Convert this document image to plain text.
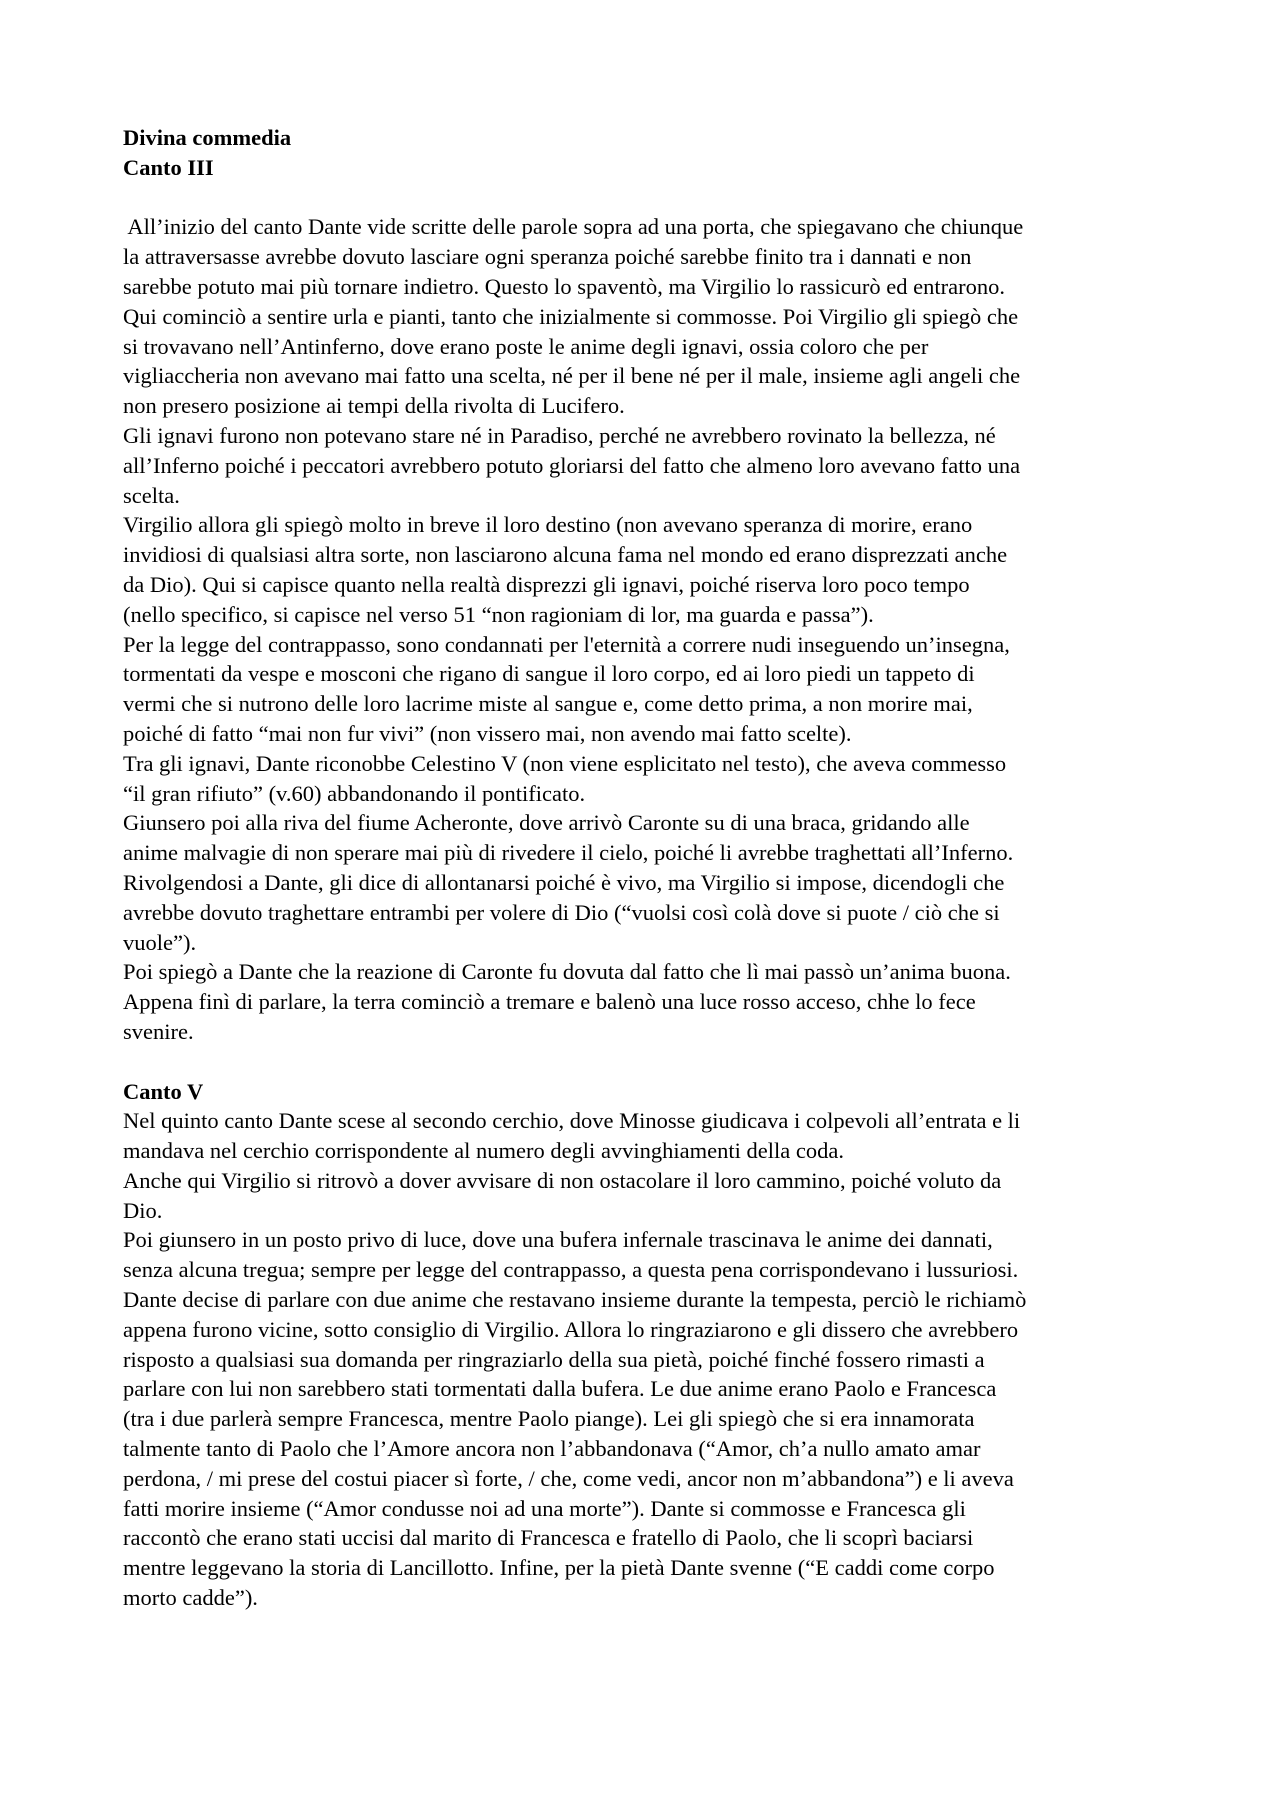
Divina commedia
Canto III
All’inizio del canto Dante vide scritte delle parole sopra ad una porta, che spiegavano che chiunque
la attraversasse avrebbe dovuto lasciare ogni speranza poiché sarebbe finito tra i dannati e non
sarebbe potuto mai più tornare indietro. Questo lo spaventò, ma Virgilio lo rassicurò ed entrarono.
Qui cominciò a sentire urla e pianti, tanto che inizialmente si commosse. Poi Virgilio gli spiegò che
si trovavano nell’Antinferno, dove erano poste le anime degli ignavi, ossia coloro che per
vigliaccheria non avevano mai fatto una scelta, né per il bene né per il male, insieme agli angeli che
non presero posizione ai tempi della rivolta di Lucifero.
Gli ignavi furono non potevano stare né in Paradiso, perché ne avrebbero rovinato la bellezza, né
all’Inferno poiché i peccatori avrebbero potuto gloriarsi del fatto che almeno loro avevano fatto una
scelta.
Virgilio allora gli spiegò molto in breve il loro destino (non avevano speranza di morire, erano
invidiosi di qualsiasi altra sorte, non lasciarono alcuna fama nel mondo ed erano disprezzati anche
da Dio). Qui si capisce quanto nella realtà disprezzi gli ignavi, poiché riserva loro poco tempo
(nello specifico, si capisce nel verso 51 “non ragioniam di lor, ma guarda e passa”).
Per la legge del contrappasso, sono condannati per l'eternità a correre nudi inseguendo un’insegna,
tormentati da vespe e mosconi che rigano di sangue il loro corpo, ed ai loro piedi un tappeto di
vermi che si nutrono delle loro lacrime miste al sangue e, come detto prima, a non morire mai,
poiché di fatto “mai non fur vivi” (non vissero mai, non avendo mai fatto scelte).
Tra gli ignavi, Dante riconobbe Celestino V (non viene esplicitato nel testo), che aveva commesso
“il gran rifiuto” (v.60) abbandonando il pontificato.
Giunsero poi alla riva del fiume Acheronte, dove arrivò Caronte su di una braca, gridando alle
anime malvagie di non sperare mai più di rivedere il cielo, poiché li avrebbe traghettati all’Inferno.
Rivolgendosi a Dante, gli dice di allontanarsi poiché è vivo, ma Virgilio si impose, dicendogli che
avrebbe dovuto traghettare entrambi per volere di Dio (“vuolsi così colà dove si puote / ciò che si
vuole”).
Poi spiegò a Dante che la reazione di Caronte fu dovuta dal fatto che lì mai passò un’anima buona.
Appena finì di parlare, la terra cominciò a tremare e balenò una luce rosso acceso, chhe lo fece
svenire.
Canto V
Nel quinto canto Dante scese al secondo cerchio, dove Minosse giudicava i colpevoli all’entrata e li
mandava nel cerchio corrispondente al numero degli avvinghiamenti della coda.
Anche qui Virgilio si ritrovò a dover avvisare di non ostacolare il loro cammino, poiché voluto da
Dio.
Poi giunsero in un posto privo di luce, dove una bufera infernale trascinava le anime dei dannati,
senza alcuna tregua; sempre per legge del contrappasso, a questa pena corrispondevano i lussuriosi.
Dante decise di parlare con due anime che restavano insieme durante la tempesta, perciò le richiamò
appena furono vicine, sotto consiglio di Virgilio. Allora lo ringraziarono e gli dissero che avrebbero
risposto a qualsiasi sua domanda per ringraziarlo della sua pietà, poiché finché fossero rimasti a
parlare con lui non sarebbero stati tormentati dalla bufera. Le due anime erano Paolo e Francesca
(tra i due parlerà sempre Francesca, mentre Paolo piange). Lei gli spiegò che si era innamorata
talmente tanto di Paolo che l’Amore ancora non l’abbandonava (“Amor, ch’a nullo amato amar
perdona, / mi prese del costui piacer sì forte, / che, come vedi, ancor non m’abbandona”) e li aveva
fatti morire insieme (“Amor condusse noi ad una morte”). Dante si commosse e Francesca gli
raccontò che erano stati uccisi dal marito di Francesca e fratello di Paolo, che li scoprì baciarsi
mentre leggevano la storia di Lancillotto. Infine, per la pietà Dante svenne (“E caddi come corpo
morto cadde”).
